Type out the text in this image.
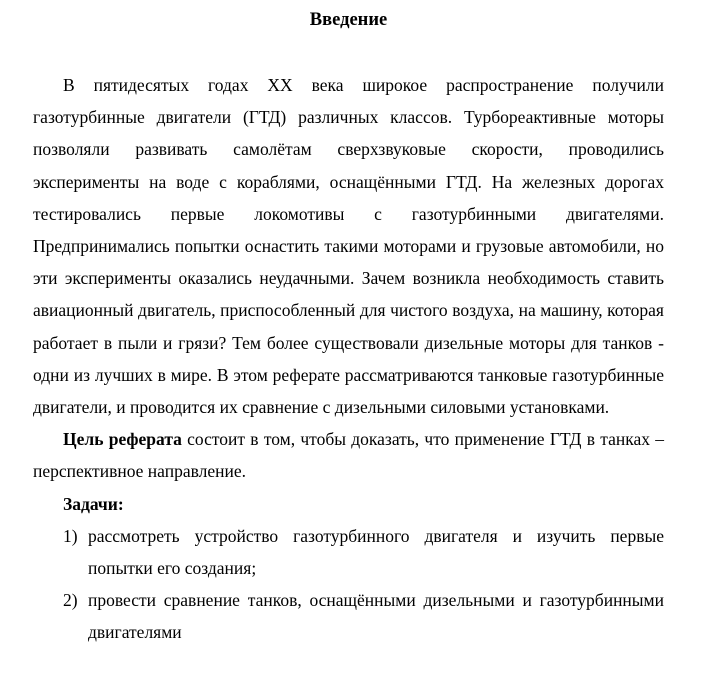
Введение

В пятидесятых годах ХХ века широкое распространение получили газотурбинные двигатели (ГТД) различных классов. Турбореактивные моторы позволяли развивать самолётам сверхзвуковые скорости, проводились эксперименты на воде с кораблями, оснащёнными ГТД. На железных дорогах тестировались первые локомотивы с газотурбинными двигателями. Предпринимались попытки оснастить такими моторами и грузовые автомобили, но эти эксперименты оказались неудачными. Зачем возникла необходимость ставить авиационный двигатель, приспособленный для чистого воздуха, на машину, которая работает в пыли и грязи? Тем более существовали дизельные моторы для танков - одни из лучших в мире. В этом реферате рассматриваются танковые газотурбинные двигатели, и проводится их сравнение с дизельными силовыми установками.

Цель реферата состоит в том, чтобы доказать, что применение ГТД в танках – перспективное направление.

Задачи:

1) рассмотреть устройство газотурбинного двигателя и изучить первые попытки его создания;
2) провести сравнение танков, оснащёнными дизельными и газотурбинными двигателями
